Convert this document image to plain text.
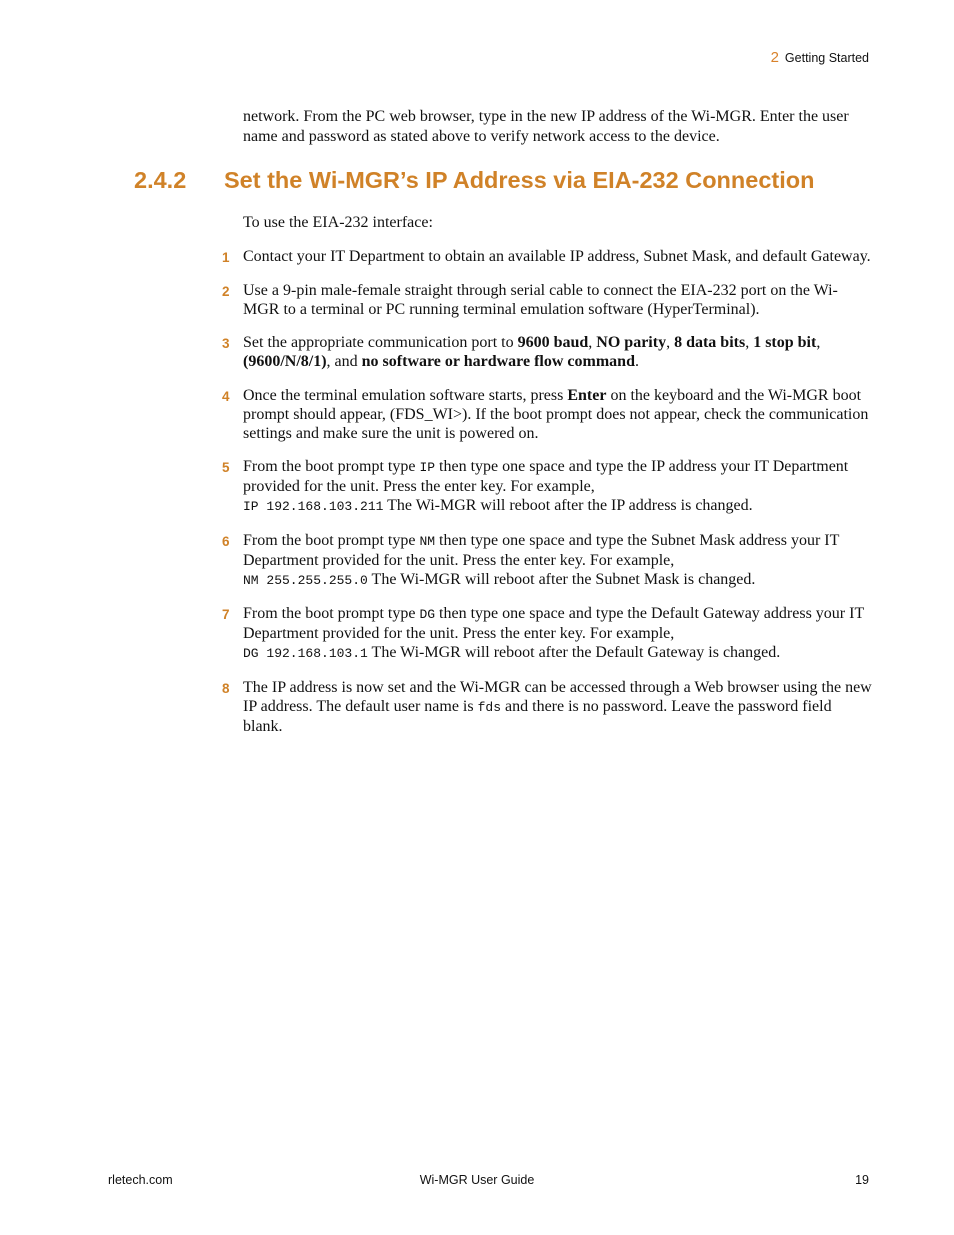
2 Getting Started

network. From the PC web browser, type in the new IP address of the Wi-MGR. Enter the user name and password as stated above to verify network access to the device.

2.4.2 Set the Wi-MGR’s IP Address via EIA-232 Connection

To use the EIA-232 interface:

1 Contact your IT Department to obtain an available IP address, Subnet Mask, and default Gateway.
2 Use a 9-pin male-female straight through serial cable to connect the EIA-232 port on the Wi-MGR to a terminal or PC running terminal emulation software (HyperTerminal).
3 Set the appropriate communication port to 9600 baud, NO parity, 8 data bits, 1 stop bit, (9600/N/8/1), and no software or hardware flow command.
4 Once the terminal emulation software starts, press Enter on the keyboard and the Wi-MGR boot prompt should appear, (FDS_WI>). If the boot prompt does not appear, check the communication settings and make sure the unit is powered on.
5 From the boot prompt type IP then type one space and type the IP address your IT Department provided for the unit. Press the enter key. For example,
IP 192.168.103.211 The Wi-MGR will reboot after the IP address is changed.
6 From the boot prompt type NM then type one space and type the Subnet Mask address your IT Department provided for the unit. Press the enter key. For example,
NM 255.255.255.0 The Wi-MGR will reboot after the Subnet Mask is changed.
7 From the boot prompt type DG then type one space and type the Default Gateway address your IT Department provided for the unit. Press the enter key. For example,
DG 192.168.103.1 The Wi-MGR will reboot after the Default Gateway is changed.
8 The IP address is now set and the Wi-MGR can be accessed through a Web browser using the new IP address. The default user name is fds and there is no password. Leave the password field blank.
rletech.com	Wi-MGR User Guide	19
